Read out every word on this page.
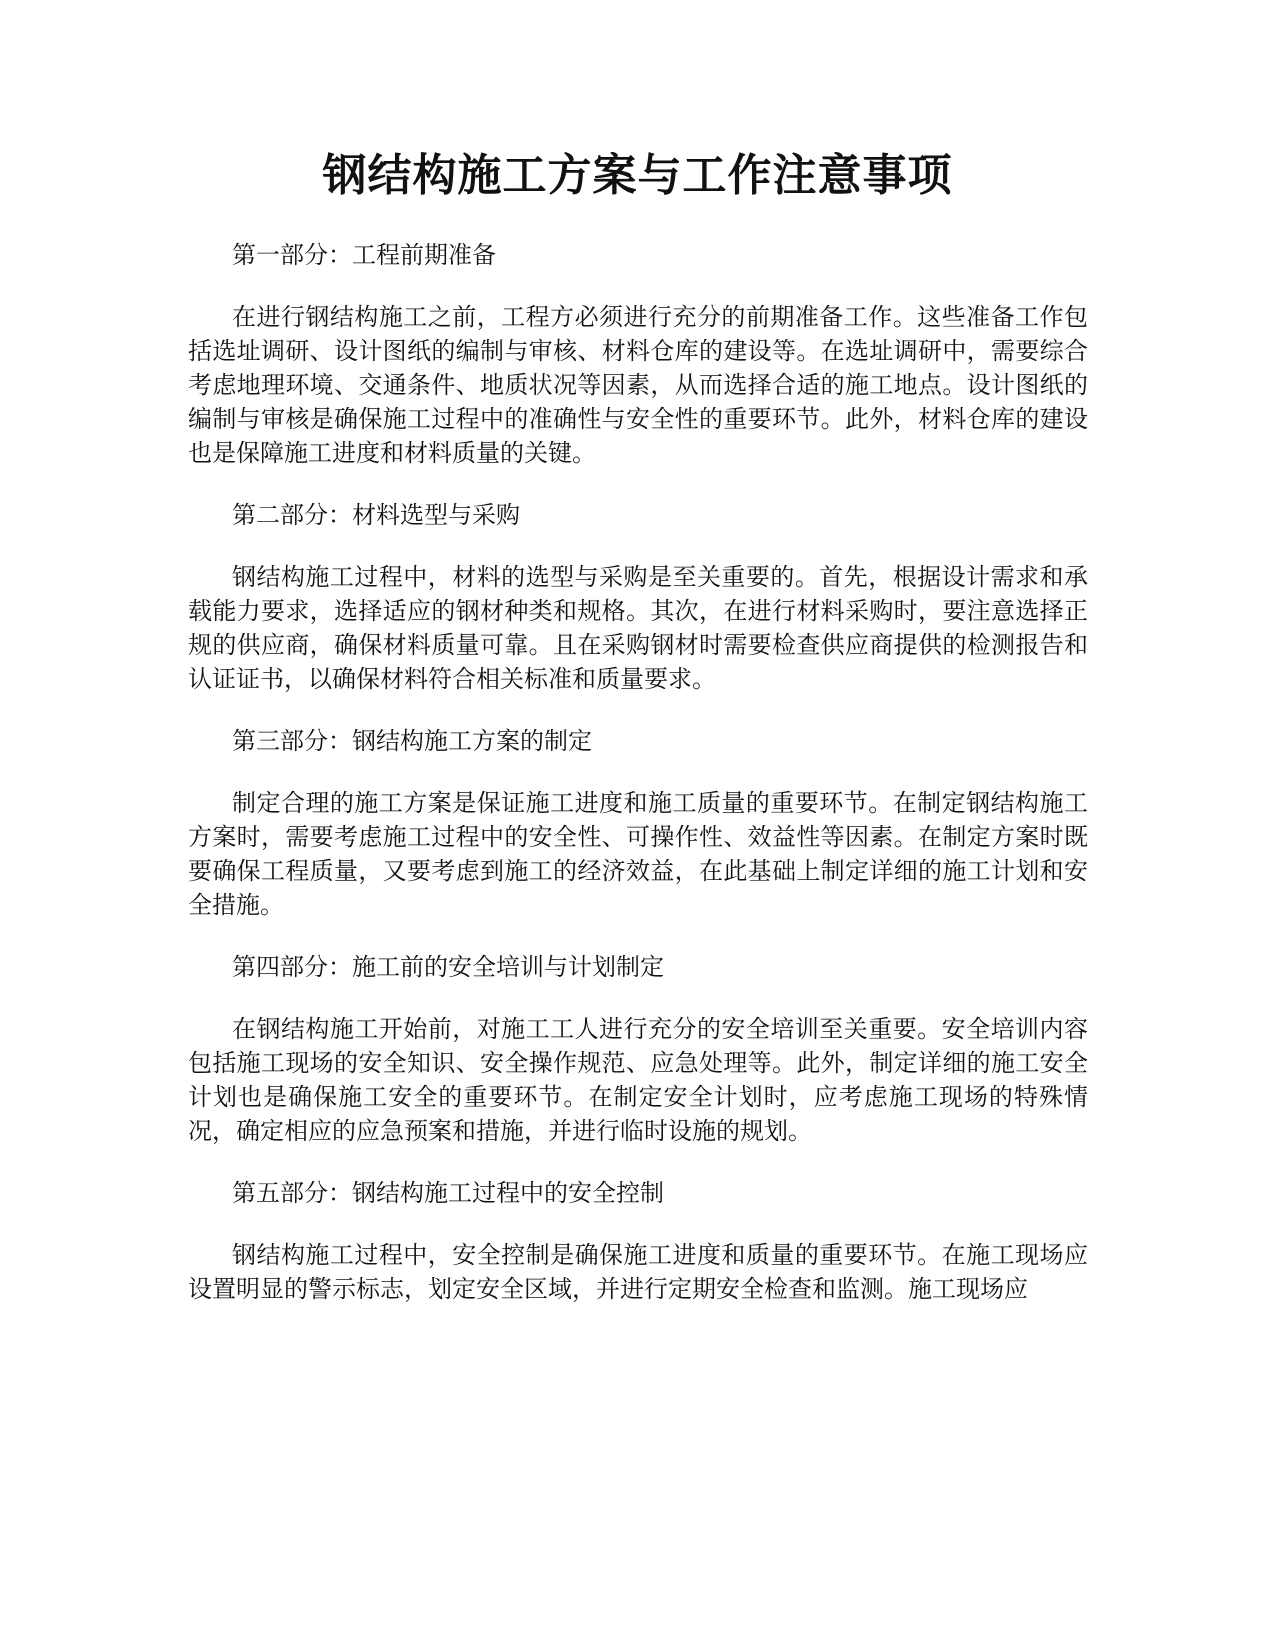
钢结构施工方案与工作注意事项

第一部分：工程前期准备

在进行钢结构施工之前，工程方必须进行充分的前期准备工作。这些准备工作包括选址调研、设计图纸的编制与审核、材料仓库的建设等。在选址调研中，需要综合考虑地理环境、交通条件、地质状况等因素，从而选择合适的施工地点。设计图纸的编制与审核是确保施工过程中的准确性与安全性的重要环节。此外，材料仓库的建设也是保障施工进度和材料质量的关键。

第二部分：材料选型与采购

钢结构施工过程中，材料的选型与采购是至关重要的。首先，根据设计需求和承载能力要求，选择适应的钢材种类和规格。其次，在进行材料采购时，要注意选择正规的供应商，确保材料质量可靠。且在采购钢材时需要检查供应商提供的检测报告和认证证书，以确保材料符合相关标准和质量要求。

第三部分：钢结构施工方案的制定

制定合理的施工方案是保证施工进度和施工质量的重要环节。在制定钢结构施工方案时，需要考虑施工过程中的安全性、可操作性、效益性等因素。在制定方案时既要确保工程质量，又要考虑到施工的经济效益，在此基础上制定详细的施工计划和安全措施。

第四部分：施工前的安全培训与计划制定

在钢结构施工开始前，对施工工人进行充分的安全培训至关重要。安全培训内容包括施工现场的安全知识、安全操作规范、应急处理等。此外，制定详细的施工安全计划也是确保施工安全的重要环节。在制定安全计划时，应考虑施工现场的特殊情况，确定相应的应急预案和措施，并进行临时设施的规划。

第五部分：钢结构施工过程中的安全控制

钢结构施工过程中，安全控制是确保施工进度和质量的重要环节。在施工现场应设置明显的警示标志，划定安全区域，并进行定期安全检查和监测。施工现场应
